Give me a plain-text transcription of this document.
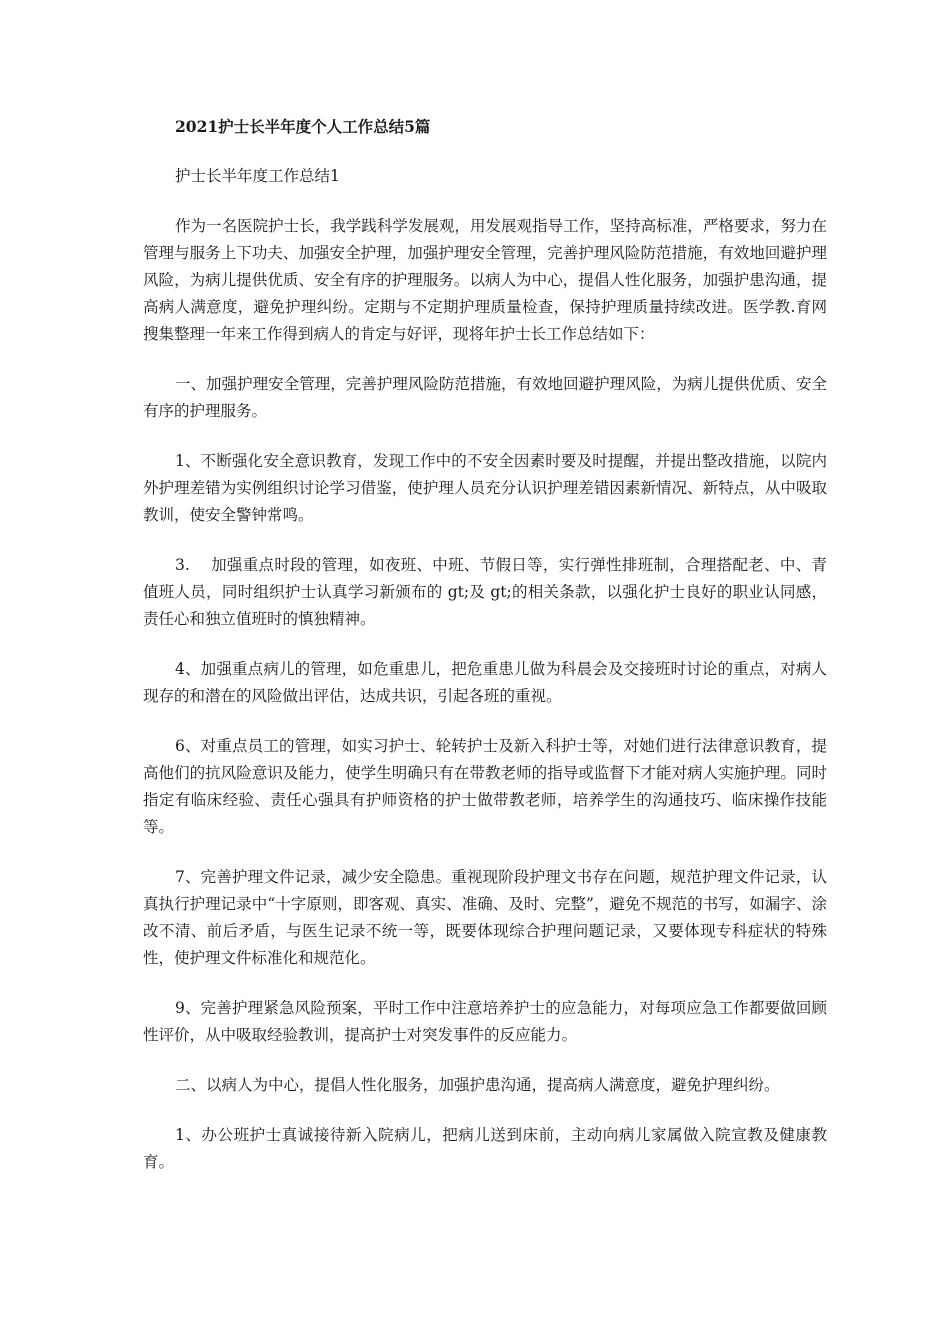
2021护士长半年度个人工作总结5篇

护士长半年度工作总结1

作为一名医院护士长，我学践科学发展观，用发展观指导工作，坚持高标准，严格要求，努力在管理与服务上下功夫、加强安全护理，加强护理安全管理，完善护理风险防范措施，有效地回避护理风险，为病儿提供优质、安全有序的护理服务。以病人为中心，提倡人性化服务，加强护患沟通，提高病人满意度，避免护理纠纷。定期与不定期护理质量检查，保持护理质量持续改进。医学教.育网搜集整理一年来工作得到病人的肯定与好评，现将年护士长工作总结如下：

一、加强护理安全管理，完善护理风险防范措施，有效地回避护理风险，为病儿提供优质、安全有序的护理服务。

1、不断强化安全意识教育，发现工作中的不安全因素时要及时提醒，并提出整改措施，以院内外护理差错为实例组织讨论学习借鉴，使护理人员充分认识护理差错因素新情况、新特点，从中吸取教训，使安全警钟常鸣。

3.　 加强重点时段的管理，如夜班、中班、节假日等，实行弹性排班制，合理搭配老、中、青值班人员，同时组织护士认真学习新颁布的 gt;及 gt;的相关条款，以强化护士良好的职业认同感，责任心和独立值班时的慎独精神。

4、加强重点病儿的管理，如危重患儿，把危重患儿做为科晨会及交接班时讨论的重点，对病人现存的和潜在的风险做出评估，达成共识，引起各班的重视。

6、对重点员工的管理，如实习护士、轮转护士及新入科护士等，对她们进行法律意识教育，提高他们的抗风险意识及能力，使学生明确只有在带教老师的指导或监督下才能对病人实施护理。同时指定有临床经验、责任心强具有护师资格的护士做带教老师，培养学生的沟通技巧、临床操作技能等。

7、完善护理文件记录，减少安全隐患。重视现阶段护理文书存在问题，规范护理文件记录，认真执行护理记录中“十字原则，即客观、真实、准确、及时、完整”，避免不规范的书写，如漏字、涂改不清、前后矛盾，与医生记录不统一等，既要体现综合护理问题记录，又要体现专科症状的特殊性，使护理文件标准化和规范化。

9、完善护理紧急风险预案，平时工作中注意培养护士的应急能力，对每项应急工作都要做回顾性评价，从中吸取经验教训，提高护士对突发事件的反应能力。

二、以病人为中心，提倡人性化服务，加强护患沟通，提高病人满意度，避免护理纠纷。

1、办公班护士真诚接待新入院病儿，把病儿送到床前，主动向病儿家属做入院宣教及健康教育。
